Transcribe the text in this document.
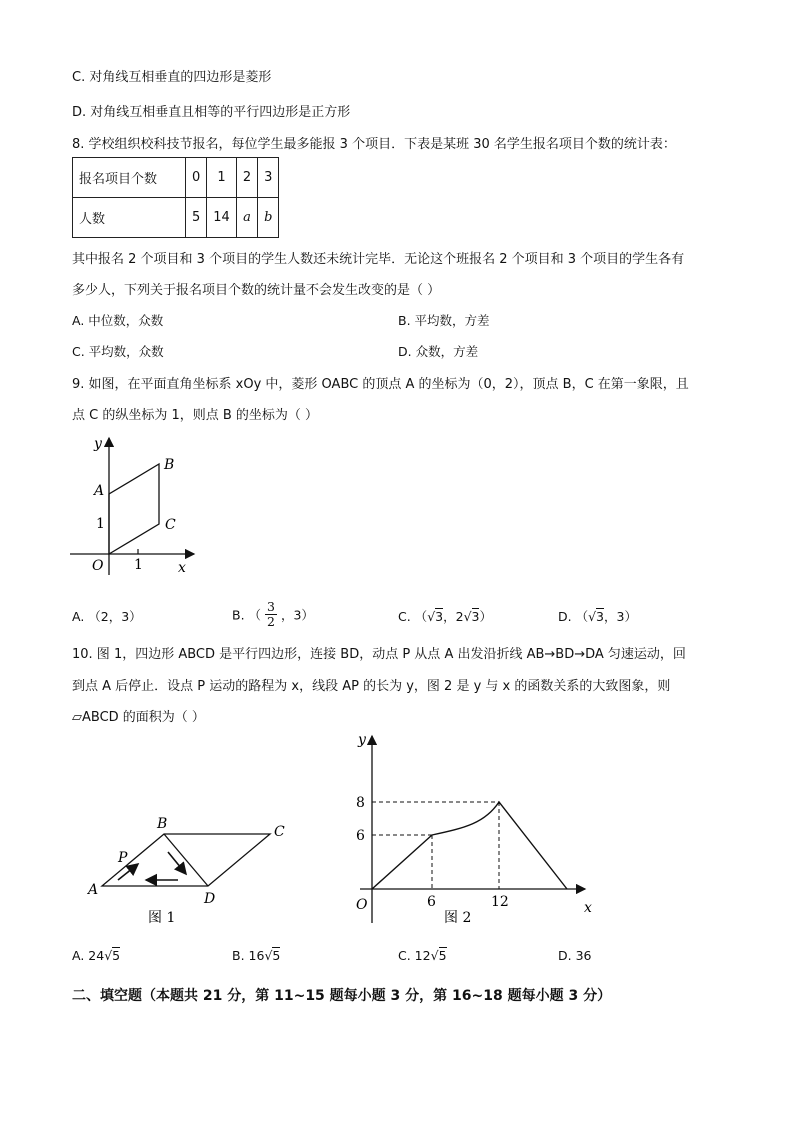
C. 对角线互相垂直的四边形是菱形
D. 对角线互相垂直且相等的平行四边形是正方形
8. 学校组织校科技节报名，每位学生最多能报 3 个项目．下表是某班 30 名学生报名项目个数的统计表：
报名项目个数	0	1	2	3
人数	5	14	a	b
其中报名 2 个项目和 3 个项目的学生人数还未统计完毕．无论这个班报名 2 个项目和 3 个项目的学生各有
多少人，下列关于报名项目个数的统计量不会发生改变的是（ ）
A. 中位数，众数	B. 平均数，方差
C. 平均数，众数	D. 众数，方差
9. 如图，在平面直角坐标系 xOy 中，菱形 OABC 的顶点 A 的坐标为（0，2），顶点 B，C 在第一象限，且
点 C 的纵坐标为 1，则点 B 的坐标为（ ）
y
x
O
A
B
C
1
1
A. （2，3）	B. （ $\frac{3}{2}$ ，3）	C. （√3，2√3）	D. （√3，3）
10. 图 1，四边形 ABCD 是平行四边形，连接 BD，动点 P 从点 A 出发沿折线 AB→BD→DA 匀速运动，回
到点 A 后停止．设点 P 运动的路程为 x，线段 AP 的长为 y，图 2 是 y 与 x 的函数关系的大致图象，则
▱ABCD 的面积为（ ）
A
B	C
D
P
图 1
y
x
O
8
6
6	12
图 2
A. 24√5	B. 16√5	C. 12√5	D. 36
二、填空题（本题共 21 分，第 11~15 题每小题 3 分，第 16~18 题每小题 3 分）
